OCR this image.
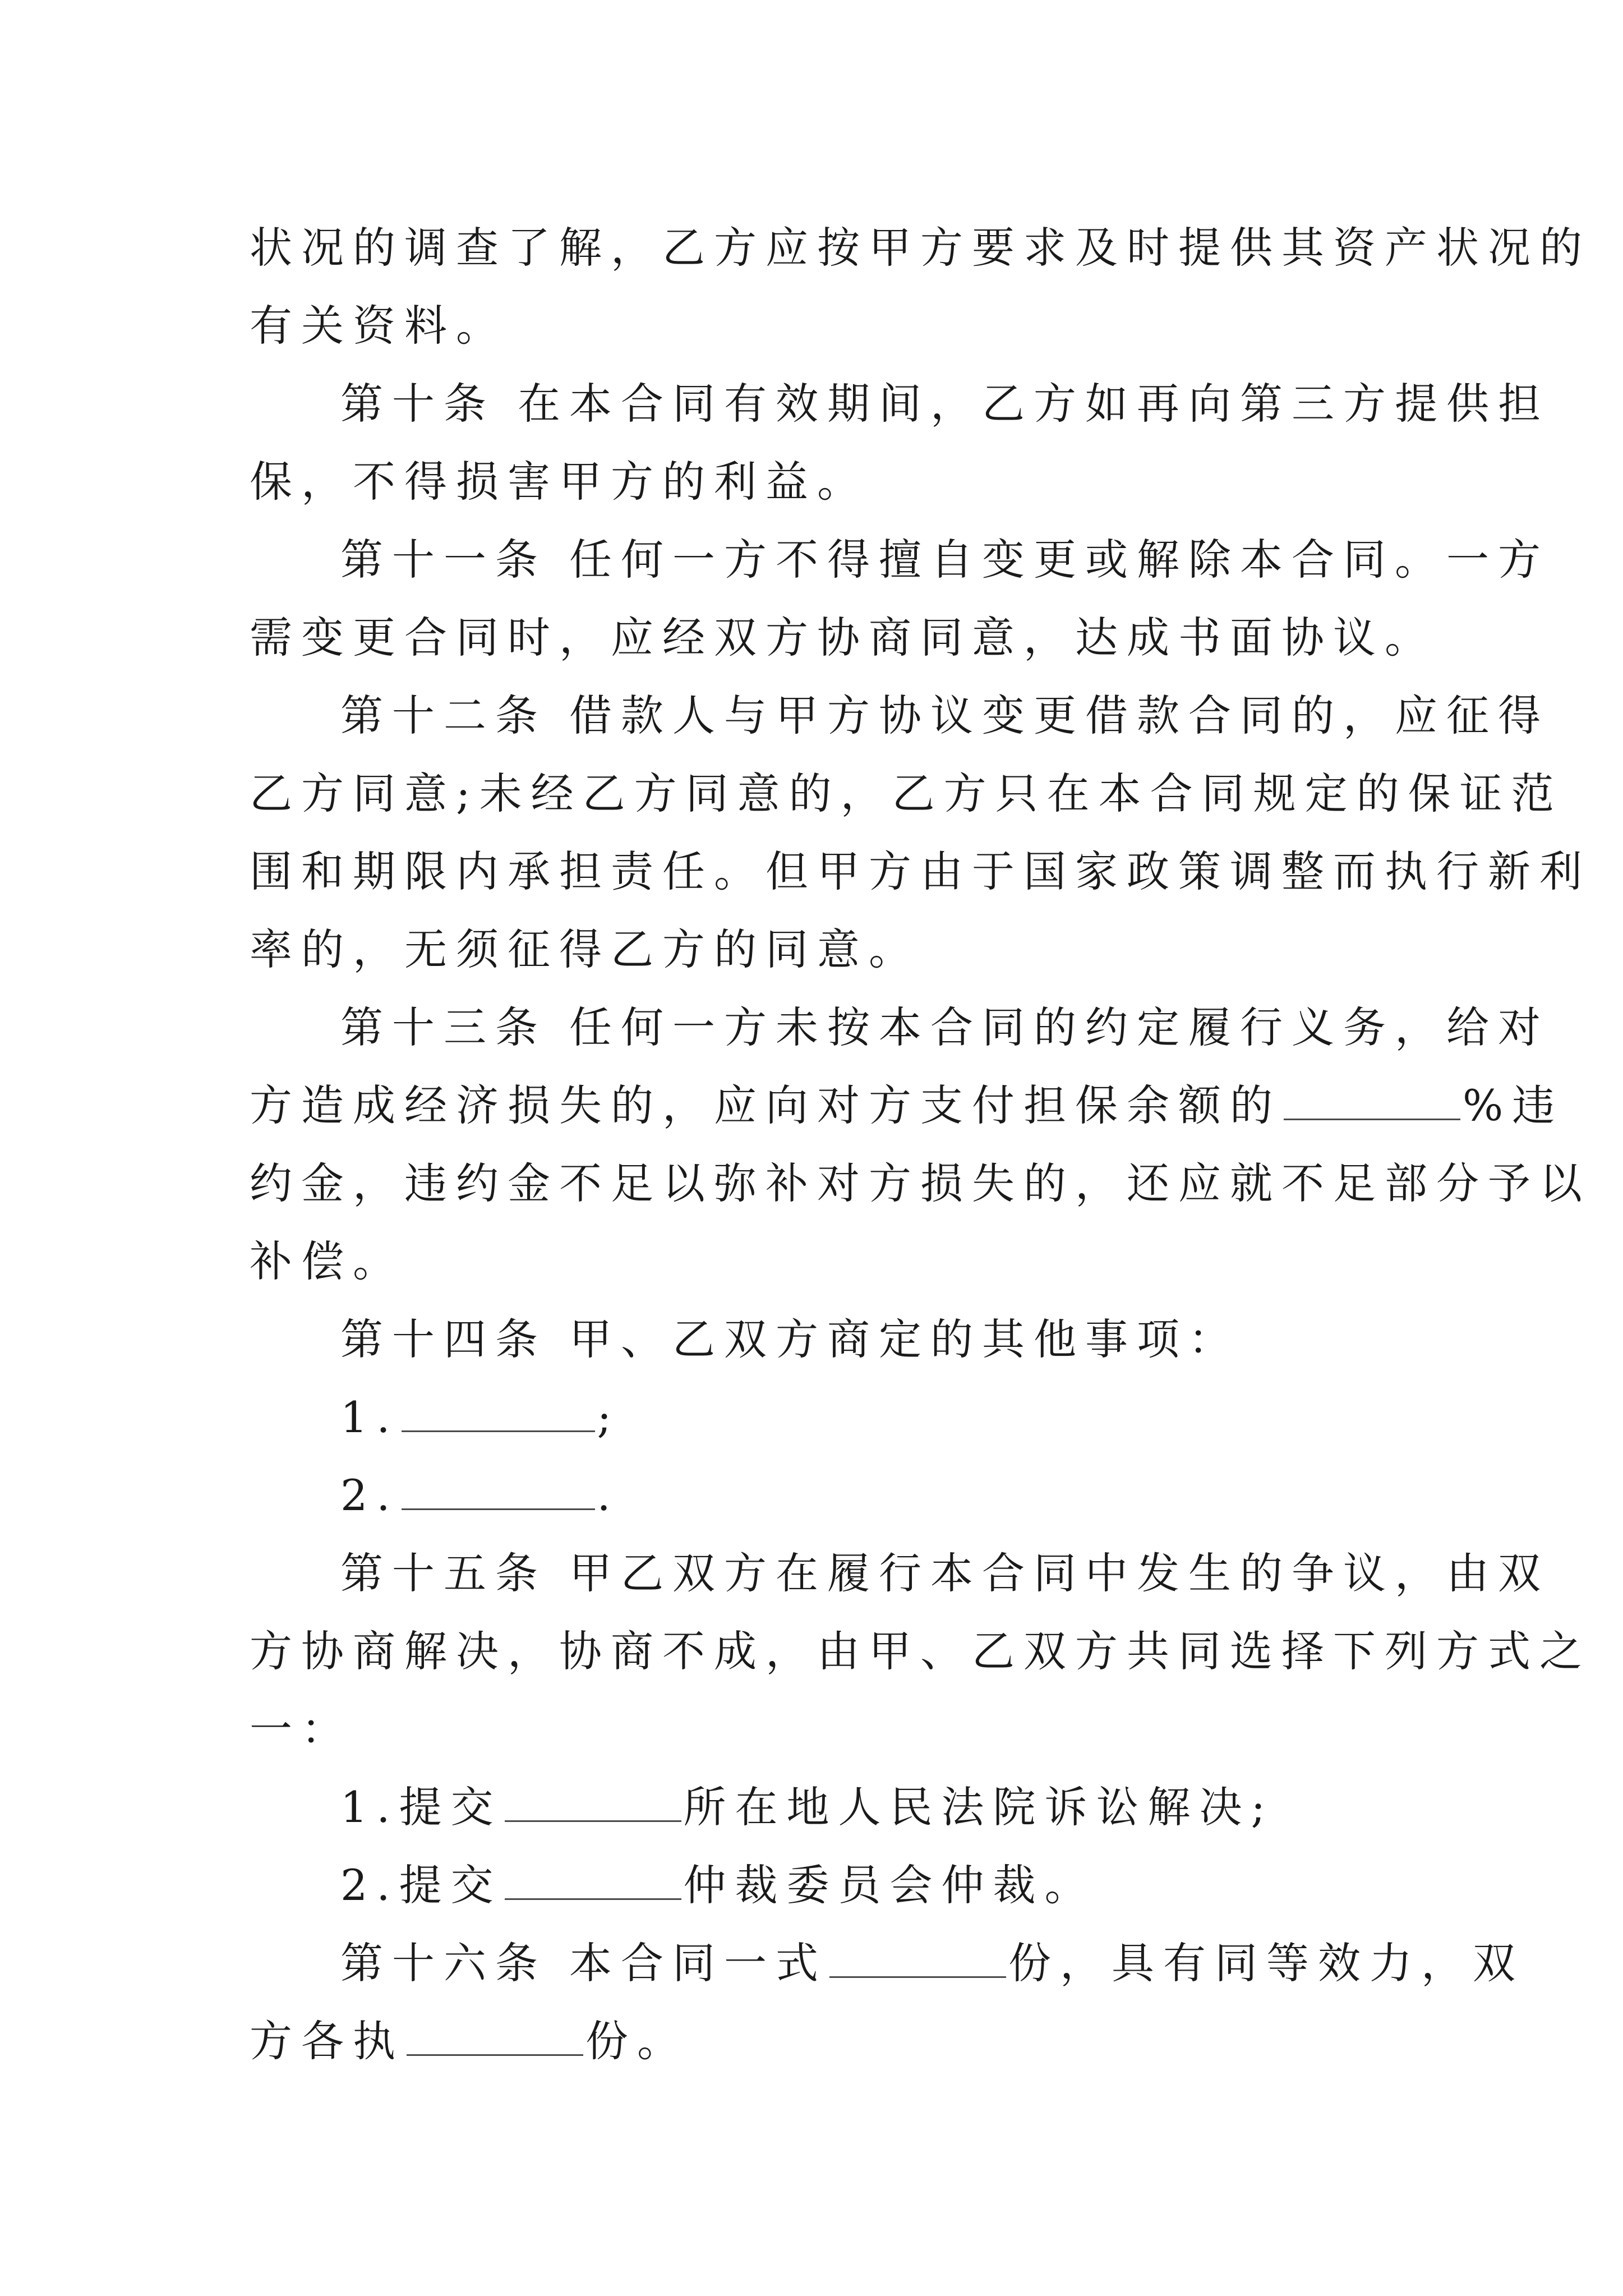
状况的调查了解，乙方应按甲方要求及时提供其资产状况的
有关资料。
第十条 在本合同有效期间，乙方如再向第三方提供担
保，不得损害甲方的利益。
第十一条 任何一方不得擅自变更或解除本合同。一方
需变更合同时，应经双方协商同意，达成书面协议。
第十二条 借款人与甲方协议变更借款合同的，应征得
乙方同意;未经乙方同意的，乙方只在本合同规定的保证范
围和期限内承担责任。但甲方由于国家政策调整而执行新利
率的，无须征得乙方的同意。
第十三条 任何一方未按本合同的约定履行义务，给对
方造成经济损失的，应向对方支付担保余额的	%违
约金，违约金不足以弥补对方损失的，还应就不足部分予以
补偿。
第十四条 甲、乙双方商定的其他事项：
1.	;
2.	.
第十五条 甲乙双方在履行本合同中发生的争议，由双
方协商解决，协商不成，由甲、乙双方共同选择下列方式之
一：
1.提交	所在地人民法院诉讼解决;
2.提交	仲裁委员会仲裁。
第十六条 本合同一式	份，具有同等效力，双
方各执	份。
